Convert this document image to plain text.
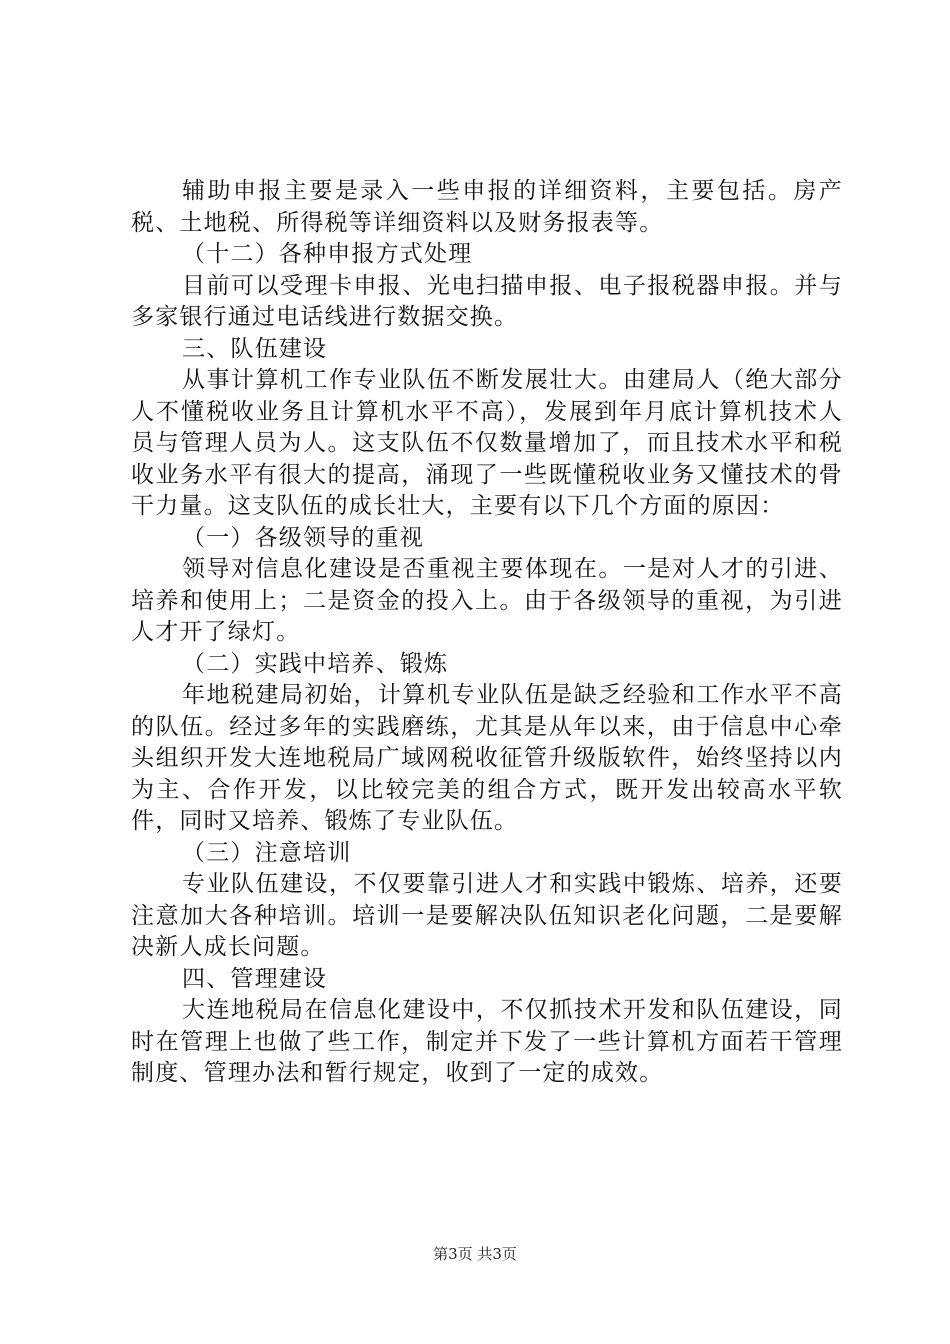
辅助申报主要是录入一些申报的详细资料，主要包括。房产税、土地税、所得税等详细资料以及财务报表等。

（十二）各种申报方式处理

目前可以受理卡申报、光电扫描申报、电子报税器申报。并与多家银行通过电话线进行数据交换。

三、队伍建设

从事计算机工作专业队伍不断发展壮大。由建局人（绝大部分人不懂税收业务且计算机水平不高），发展到年月底计算机技术人员与管理人员为人。这支队伍不仅数量增加了，而且技术水平和税收业务水平有很大的提高，涌现了一些既懂税收业务又懂技术的骨干力量。这支队伍的成长壮大，主要有以下几个方面的原因：

（一）各级领导的重视

领导对信息化建设是否重视主要体现在。一是对人才的引进、培养和使用上；二是资金的投入上。由于各级领导的重视，为引进人才开了绿灯。

（二）实践中培养、锻炼

年地税建局初始，计算机专业队伍是缺乏经验和工作水平不高的队伍。经过多年的实践磨练，尤其是从年以来，由于信息中心牵头组织开发大连地税局广域网税收征管升级版软件，始终坚持以内为主、合作开发，以比较完美的组合方式，既开发出较高水平软件，同时又培养、锻炼了专业队伍。

（三）注意培训

专业队伍建设，不仅要靠引进人才和实践中锻炼、培养，还要注意加大各种培训。培训一是要解决队伍知识老化问题，二是要解决新人成长问题。

四、管理建设

大连地税局在信息化建设中，不仅抓技术开发和队伍建设，同时在管理上也做了些工作，制定并下发了一些计算机方面若干管理制度、管理办法和暂行规定，收到了一定的成效。

第3页 共3页
